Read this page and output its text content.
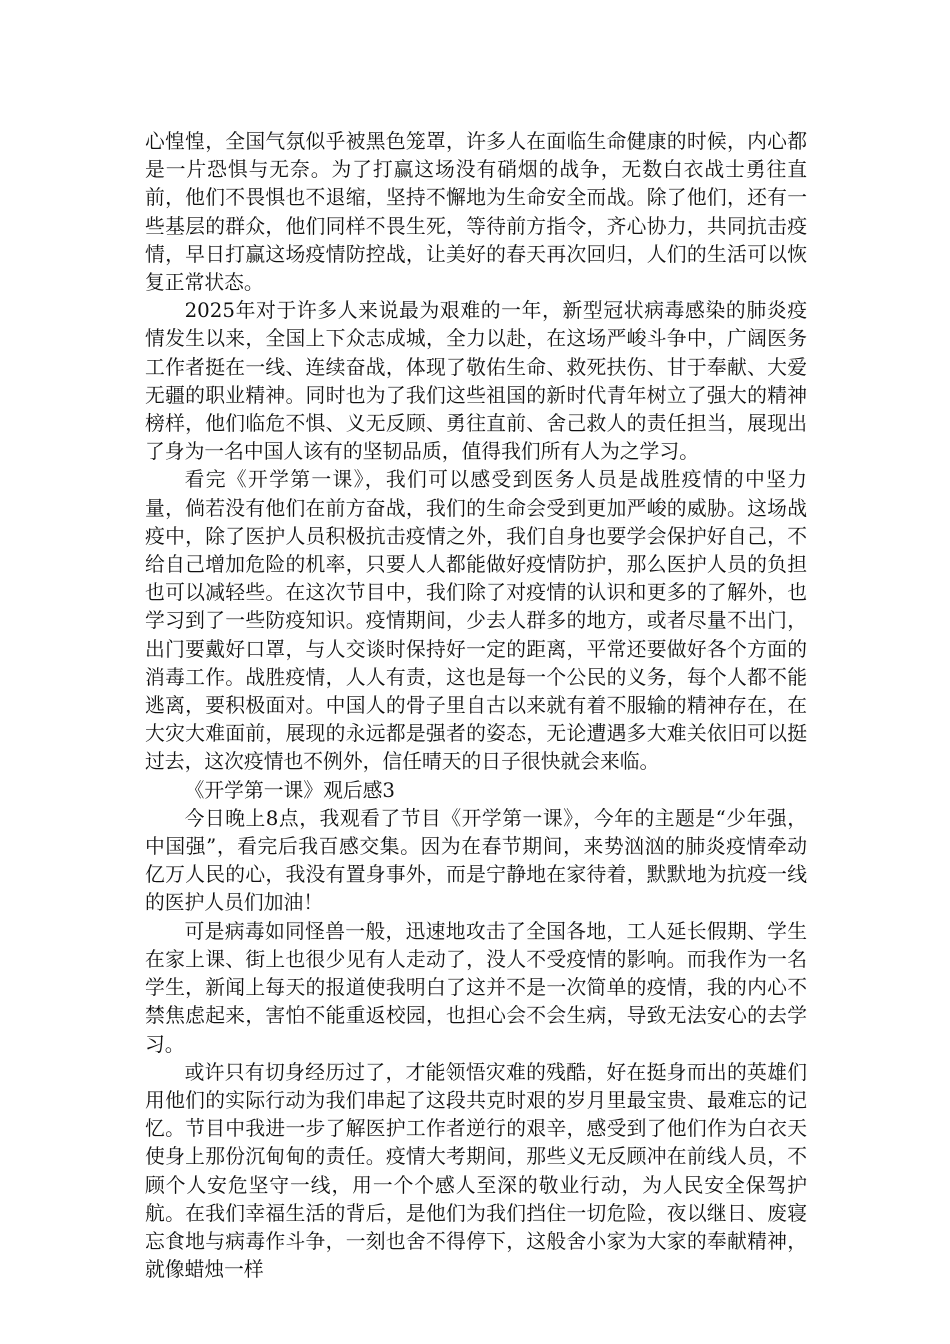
心惶惶，全国气氛似乎被黑色笼罩，许多人在面临生命健康的时候，内心都是一片恐惧与无奈。为了打赢这场没有硝烟的战争，无数白衣战士勇往直前，他们不畏惧也不退缩，坚持不懈地为生命安全而战。除了他们，还有一些基层的群众，他们同样不畏生死，等待前方指令，齐心协力，共同抗击疫情，早日打赢这场疫情防控战，让美好的春天再次回归，人们的生活可以恢复正常状态。

2025年对于许多人来说最为艰难的一年，新型冠状病毒感染的肺炎疫情发生以来，全国上下众志成城，全力以赴，在这场严峻斗争中，广阔医务工作者挺在一线、连续奋战，体现了敬佑生命、救死扶伤、甘于奉献、大爱无疆的职业精神。同时也为了我们这些祖国的新时代青年树立了强大的精神榜样，他们临危不惧、义无反顾、勇往直前、舍己救人的责任担当，展现出了身为一名中国人该有的坚韧品质，值得我们所有人为之学习。

看完《开学第一课》，我们可以感受到医务人员是战胜疫情的中坚力量，倘若没有他们在前方奋战，我们的生命会受到更加严峻的威胁。这场战疫中，除了医护人员积极抗击疫情之外，我们自身也要学会保护好自己，不给自己增加危险的机率，只要人人都能做好疫情防护，那么医护人员的负担也可以减轻些。在这次节目中，我们除了对疫情的认识和更多的了解外，也学习到了一些防疫知识。疫情期间，少去人群多的地方，或者尽量不出门，出门要戴好口罩，与人交谈时保持好一定的距离，平常还要做好各个方面的消毒工作。战胜疫情，人人有责，这也是每一个公民的义务，每个人都不能逃离，要积极面对。中国人的骨子里自古以来就有着不服输的精神存在，在大灾大难面前，展现的永远都是强者的姿态，无论遭遇多大难关依旧可以挺过去，这次疫情也不例外，信任晴天的日子很快就会来临。

《开学第一课》观后感3

今日晚上8点，我观看了节目《开学第一课》，今年的主题是“少年强，中国强”，看完后我百感交集。因为在春节期间，来势汹汹的肺炎疫情牵动亿万人民的心，我没有置身事外，而是宁静地在家待着，默默地为抗疫一线的医护人员们加油！

可是病毒如同怪兽一般，迅速地攻击了全国各地，工人延长假期、学生在家上课、街上也很少见有人走动了，没人不受疫情的影响。而我作为一名学生，新闻上每天的报道使我明白了这并不是一次简单的疫情，我的内心不禁焦虑起来，害怕不能重返校园，也担心会不会生病，导致无法安心的去学习。

或许只有切身经历过了，才能领悟灾难的残酷，好在挺身而出的英雄们用他们的实际行动为我们串起了这段共克时艰的岁月里最宝贵、最难忘的记忆。节目中我进一步了解医护工作者逆行的艰辛，感受到了他们作为白衣天使身上那份沉甸甸的责任。疫情大考期间，那些义无反顾冲在前线人员，不顾个人安危坚守一线，用一个个感人至深的敬业行动，为人民安全保驾护航。在我们幸福生活的背后，是他们为我们挡住一切危险，夜以继日、废寝忘食地与病毒作斗争，一刻也舍不得停下，这般舍小家为大家的奉献精神，就像蜡烛一样
